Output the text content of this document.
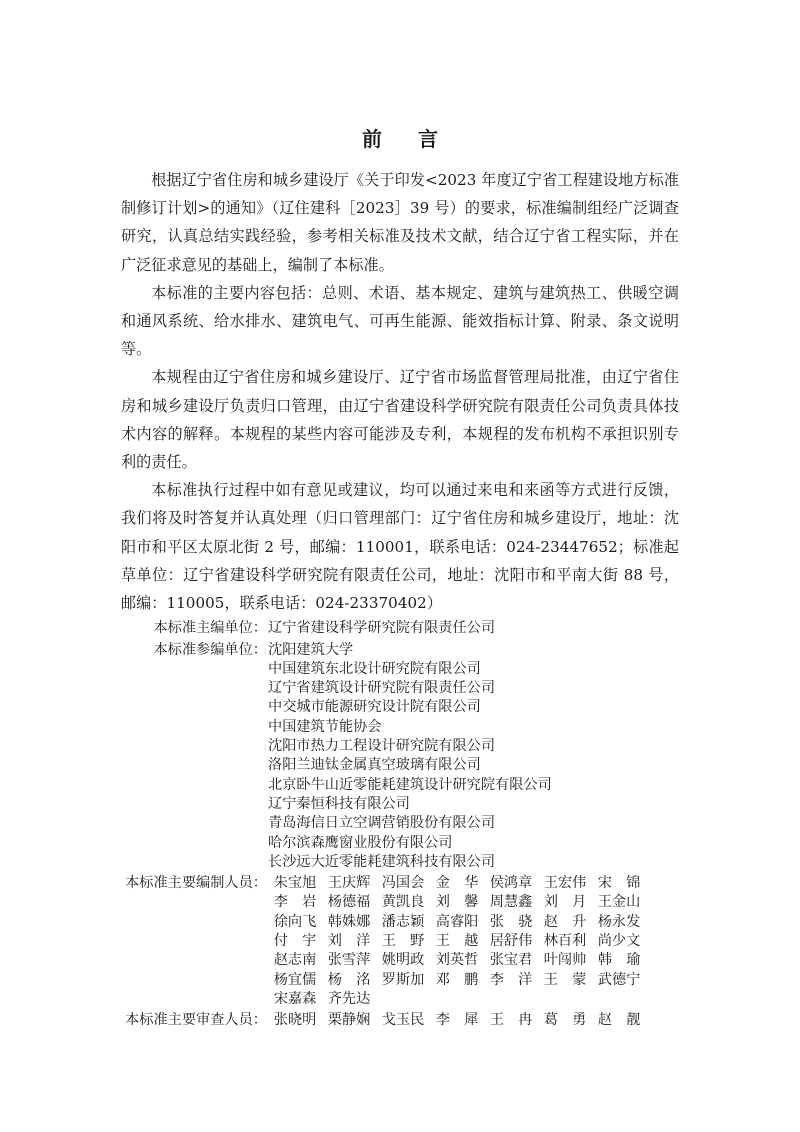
前　言

根据辽宁省住房和城乡建设厅《关于印发<2023 年度辽宁省工程建设地方标准制修订计划>的通知》（辽住建科［2023］39 号）的要求，标准编制组经广泛调查研究，认真总结实践经验，参考相关标准及技术文献，结合辽宁省工程实际，并在广泛征求意见的基础上，编制了本标准。

本标准的主要内容包括：总则、术语、基本规定、建筑与建筑热工、供暖空调和通风系统、给水排水、建筑电气、可再生能源、能效指标计算、附录、条文说明等。

本规程由辽宁省住房和城乡建设厅、辽宁省市场监督管理局批准，由辽宁省住房和城乡建设厅负责归口管理，由辽宁省建设科学研究院有限责任公司负责具体技术内容的解释。本规程的某些内容可能涉及专利，本规程的发布机构不承担识别专利的责任。

本标准执行过程中如有意见或建议，均可以通过来电和来函等方式进行反馈，我们将及时答复并认真处理（归口管理部门：辽宁省住房和城乡建设厅，地址：沈阳市和平区太原北街 2 号，邮编：110001，联系电话：024-23447652；标准起草单位：辽宁省建设科学研究院有限责任公司，地址：沈阳市和平南大街 88 号，邮编：110005，联系电话：024-23370402）

本标准主编单位： 辽宁省建设科学研究院有限责任公司
本标准参编单位： 沈阳建筑大学
中国建筑东北设计研究院有限公司
辽宁省建筑设计研究院有限责任公司
中交城市能源研究设计院有限公司
中国建筑节能协会
沈阳市热力工程设计研究院有限公司
洛阳兰迪钛金属真空玻璃有限公司
北京卧牛山近零能耗建筑设计研究院有限公司
辽宁秦恒科技有限公司
青岛海信日立空调营销股份有限公司
哈尔滨森鹰窗业股份有限公司
长沙远大近零能耗建筑科技有限公司
本标准主要编制人员： 朱宝旭 王庆辉 冯国会 金　华 侯鸿章 王宏伟 宋　锦
李　岩 杨德福 黄凯良 刘　馨 周慧鑫 刘　月 王金山
徐向飞 韩姝娜 潘志颖 高睿阳 张　骁 赵　升 杨永发
付　宇 刘　洋 王　野 王　越 居舒伟 林百利 尚少文
赵志南 张雪萍 姚明政 刘英哲 张宝君 叶闯帅 韩　瑜
杨宜儒 杨　洺 罗斯加 邓　鹏 李　洋 王　蒙 武德宁
宋嘉森 齐先达
本标准主要审查人员： 张晓明 栗静娴 戈玉民 李　犀 王　冉 葛　勇 赵　靓
